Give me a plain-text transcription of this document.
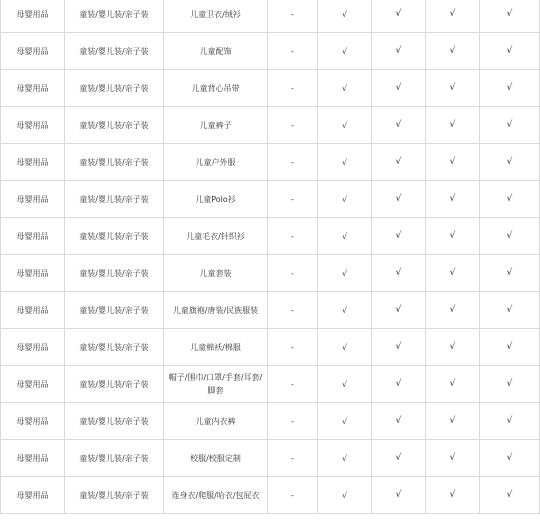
母婴用品	童装/婴儿装/亲子装	儿童卫衣/绒衫	-	√	√	√	√
母婴用品	童装/婴儿装/亲子装	儿童配饰	-	√	√	√	√
母婴用品	童装/婴儿装/亲子装	儿童背心吊带	-	√	√	√	√
母婴用品	童装/婴儿装/亲子装	儿童裤子	-	√	√	√	√
母婴用品	童装/婴儿装/亲子装	儿童户外服	-	√	√	√	√
母婴用品	童装/婴儿装/亲子装	儿童Polo衫	-	√	√	√	√
母婴用品	童装/婴儿装/亲子装	儿童毛衣/针织衫	-	√	√	√	√
母婴用品	童装/婴儿装/亲子装	儿童套装	-	√	√	√	√
母婴用品	童装/婴儿装/亲子装	儿童旗袍/唐装/民族服装	-	√	√	√	√
母婴用品	童装/婴儿装/亲子装	儿童棉袄/棉服	-	√	√	√	√
母婴用品	童装/婴儿装/亲子装	帽子/围巾/口罩/手套/耳套/脚套	-	√	√	√	√
母婴用品	童装/婴儿装/亲子装	儿童内衣裤	-	√	√	√	√
母婴用品	童装/婴儿装/亲子装	校服/校服定制	-	√	√	√	√
母婴用品	童装/婴儿装/亲子装	连身衣/爬服/哈衣/包屁衣	-	√	√	√	√
